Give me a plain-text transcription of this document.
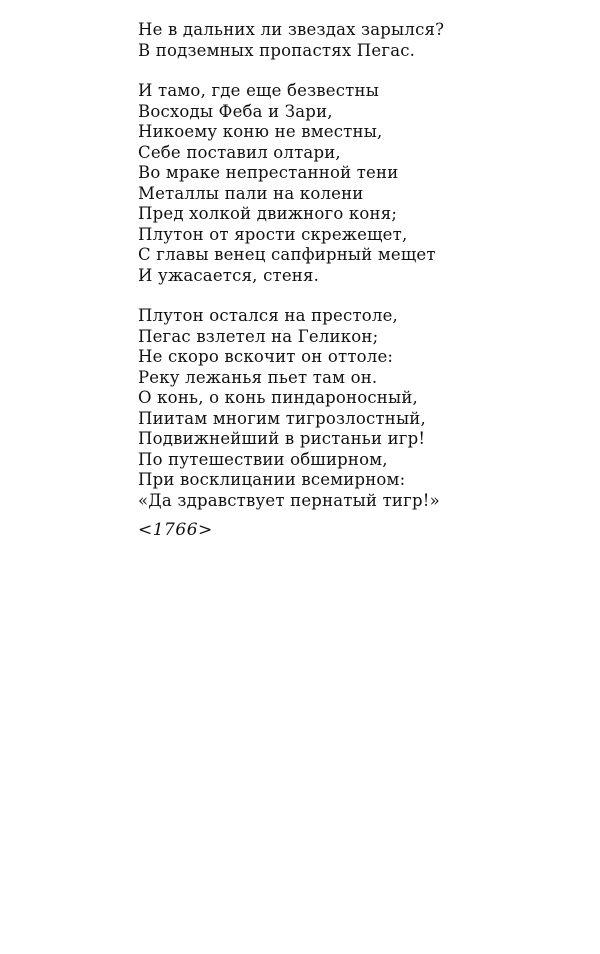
Не в дальних ли звездах зарылся?
В подземных пропастях Пегас.
И тамо, где еще безвестны
Восходы Феба и Зари,
Никоему коню не вместны,
Себе поставил олтари,
Во мраке непрестанной тени
Металлы пали на колени
Пред холкой движного коня;
Плутон от ярости скрежещет,
С главы венец сапфирный мещет
И ужасается, стеня.
Плутон остался на престоле,
Пегас взлетел на Геликон;
Не скоро вскочит он оттоле:
Реку лежанья пьет там он.
О конь, о конь пиндароносный,
Пиитам многим тигрозлостный,
Подвижнейший в ристаньи игр!
По путешествии обширном,
При восклицании всемирном:
«Да здравствует пернатый тигр!»
<1766>
